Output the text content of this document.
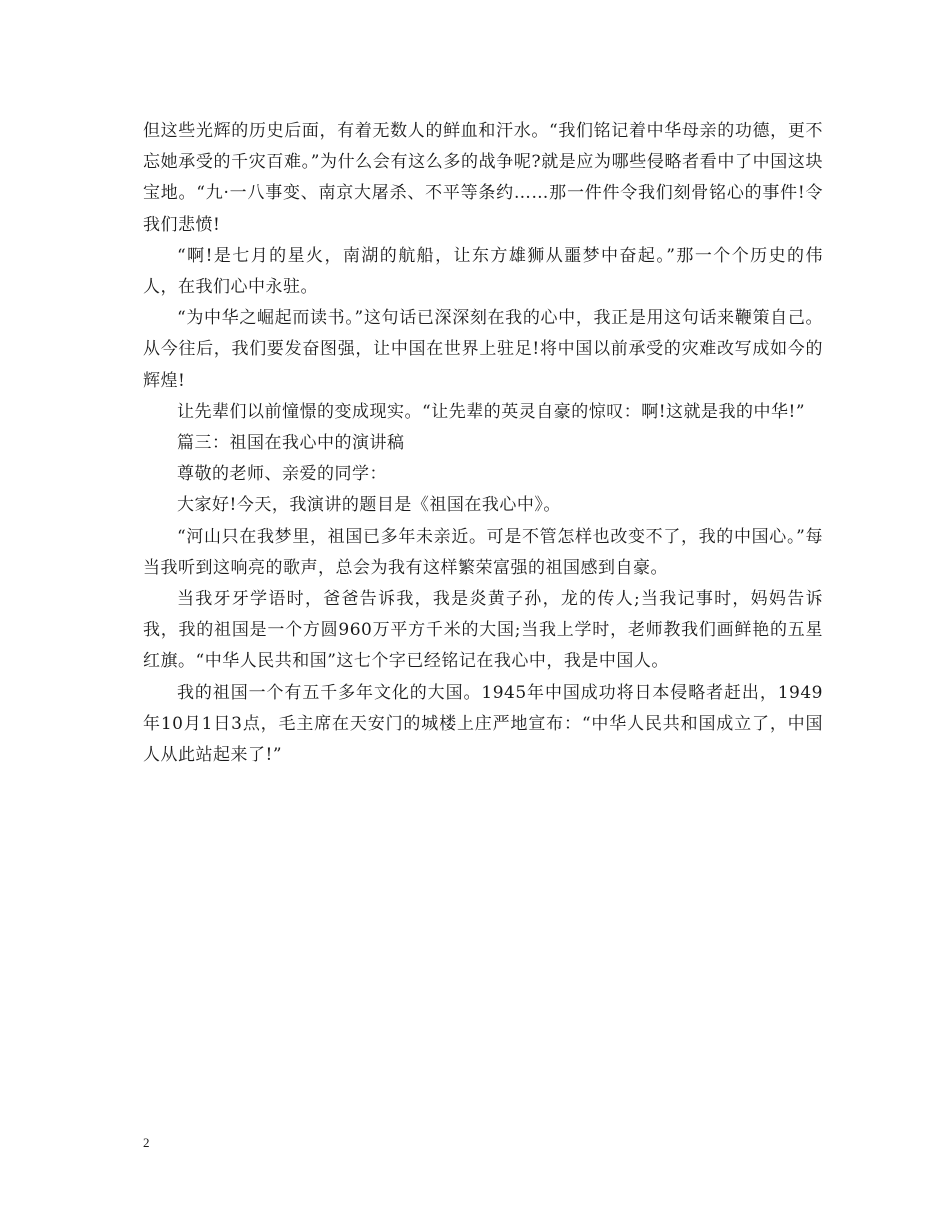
但这些光辉的历史后面，有着无数人的鲜血和汗水。“我们铭记着中华母亲的功德，更不忘她承受的千灾百难。”为什么会有这么多的战争呢?就是应为哪些侵略者看中了中国这块宝地。“九·一八事变、南京大屠杀、不平等条约……那一件件令我们刻骨铭心的事件!令我们悲愤!

“啊!是七月的星火，南湖的航船，让东方雄狮从噩梦中奋起。”那一个个历史的伟人，在我们心中永驻。

“为中华之崛起而读书。”这句话已深深刻在我的心中，我正是用这句话来鞭策自己。从今往后，我们要发奋图强，让中国在世界上驻足!将中国以前承受的灾难改写成如今的辉煌!

让先辈们以前憧憬的变成现实。“让先辈的英灵自豪的惊叹：啊!这就是我的中华!”

篇三：祖国在我心中的演讲稿

尊敬的老师、亲爱的同学：

大家好!今天，我演讲的题目是《祖国在我心中》。

“河山只在我梦里，祖国已多年未亲近。可是不管怎样也改变不了，我的中国心。”每当我听到这响亮的歌声，总会为我有这样繁荣富强的祖国感到自豪。

当我牙牙学语时，爸爸告诉我，我是炎黄子孙，龙的传人;当我记事时，妈妈告诉我，我的祖国是一个方圆960万平方千米的大国;当我上学时，老师教我们画鲜艳的五星红旗。“中华人民共和国”这七个字已经铭记在我心中，我是中国人。

我的祖国一个有五千多年文化的大国。1945年中国成功将日本侵略者赶出，1949年10月1日3点，毛主席在天安门的城楼上庄严地宣布：“中华人民共和国成立了，中国人从此站起来了!”

2
